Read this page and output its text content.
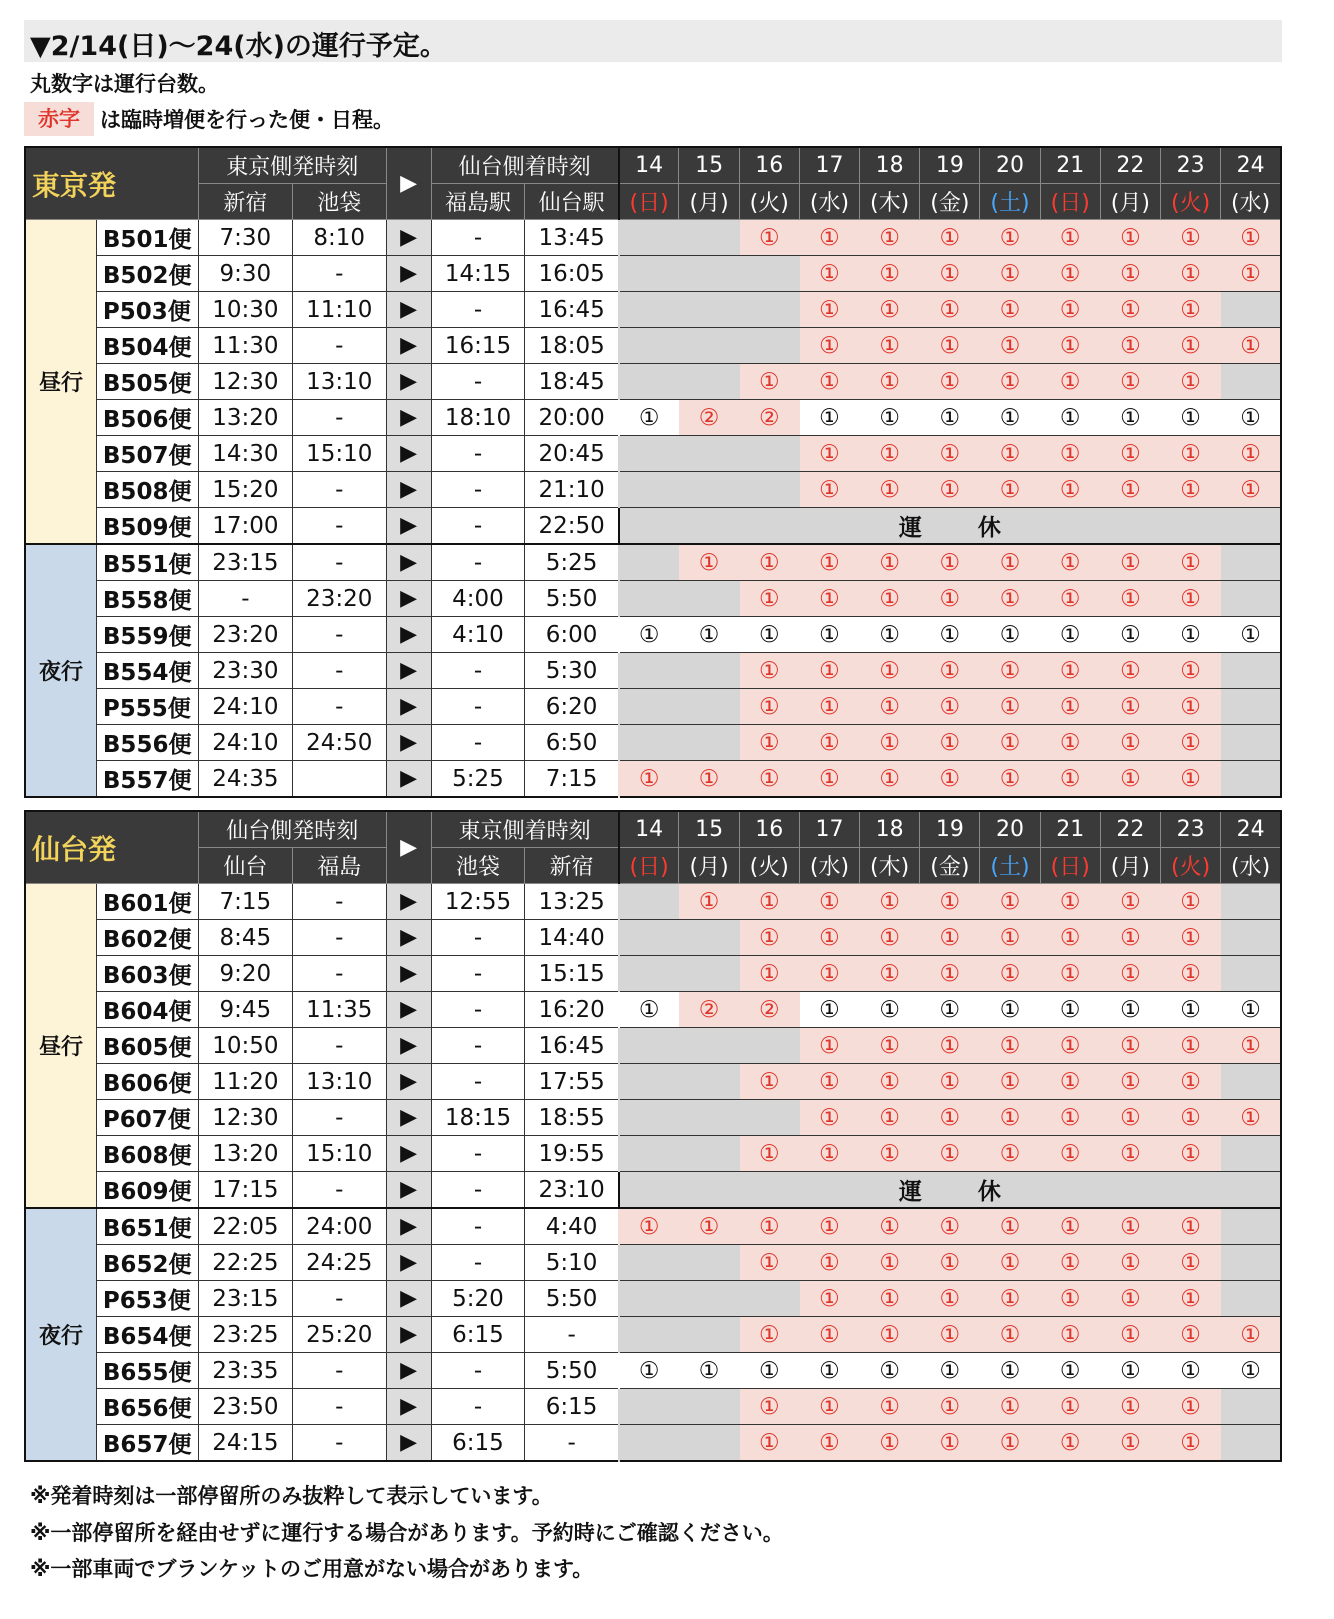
▼2/14(日)〜24(水)の運行予定。
丸数字は運行台数。
赤字 は臨時増便を行った便・日程。
東京発		東京側発時刻		▶	仙台側着時刻		14	15	16	17	18	19	20	21	22	23	24
		新宿	池袋		福島駅	仙台駅	(日)	(月)	(火)	(水)	(木)	(金)	(土)	(日)	(月)	(火)	(水)
昼行	B501便	7:30	8:10	▶	-	13:45			①	①	①	①	①	①	①	①	①
	B502便	9:30	-	▶	14:15	16:05				①	①	①	①	①	①	①	①
	P503便	10:30	11:10	▶	-	16:45				①	①	①	①	①	①	①	
	B504便	11:30	-	▶	16:15	18:05				①	①	①	①	①	①	①	①
	B505便	12:30	13:10	▶	-	18:45			①	①	①	①	①	①	①	①	
	B506便	13:20	-	▶	18:10	20:00	①	②	②	①	①	①	①	①	①	①	①
	B507便	14:30	15:10	▶	-	20:45				①	①	①	①	①	①	①	①
	B508便	15:20	-	▶	-	21:10				①	①	①	①	①	①	①	①
	B509便	17:00	-	▶	-	22:50	運休										
夜行	B551便	23:15	-	▶	-	5:25		①	①	①	①	①	①	①	①	①	
	B558便	-	23:20	▶	4:00	5:50			①	①	①	①	①	①	①	①	
	B559便	23:20	-	▶	4:10	6:00	①	①	①	①	①	①	①	①	①	①	①
	B554便	23:30	-	▶	-	5:30			①	①	①	①	①	①	①	①	
	P555便	24:10	-	▶	-	6:20			①	①	①	①	①	①	①	①	
	B556便	24:10	24:50	▶	-	6:50			①	①	①	①	①	①	①	①	
	B557便	24:35		▶	5:25	7:15	①	①	①	①	①	①	①	①	①	①	
仙台発		仙台側発時刻		▶	東京側着時刻		14	15	16	17	18	19	20	21	22	23	24
		仙台	福島		池袋	新宿	(日)	(月)	(火)	(水)	(木)	(金)	(土)	(日)	(月)	(火)	(水)
昼行	B601便	7:15	-	▶	12:55	13:25		①	①	①	①	①	①	①	①	①	
	B602便	8:45	-	▶	-	14:40			①	①	①	①	①	①	①	①	
	B603便	9:20	-	▶	-	15:15			①	①	①	①	①	①	①	①	
	B604便	9:45	11:35	▶	-	16:20	①	②	②	①	①	①	①	①	①	①	①
	B605便	10:50	-	▶	-	16:45				①	①	①	①	①	①	①	①
	B606便	11:20	13:10	▶	-	17:55			①	①	①	①	①	①	①	①	
	P607便	12:30	-	▶	18:15	18:55				①	①	①	①	①	①	①	①
	B608便	13:20	15:10	▶	-	19:55			①	①	①	①	①	①	①	①	
	B609便	17:15	-	▶	-	23:10	運休										
夜行	B651便	22:05	24:00	▶	-	4:40	①	①	①	①	①	①	①	①	①	①	
	B652便	22:25	24:25	▶	-	5:10			①	①	①	①	①	①	①	①	
	P653便	23:15	-	▶	5:20	5:50				①	①	①	①	①	①	①	
	B654便	23:25	25:20	▶	6:15	-			①	①	①	①	①	①	①	①	①
	B655便	23:35	-	▶	-	5:50	①	①	①	①	①	①	①	①	①	①	①
	B656便	23:50	-	▶	-	6:15			①	①	①	①	①	①	①	①	
	B657便	24:15	-	▶	6:15	-			①	①	①	①	①	①	①	①	
※発着時刻は一部停留所のみ抜粋して表示しています。
※一部停留所を経由せずに運行する場合があります。予約時にご確認ください。
※一部車両でブランケットのご用意がない場合があります。
